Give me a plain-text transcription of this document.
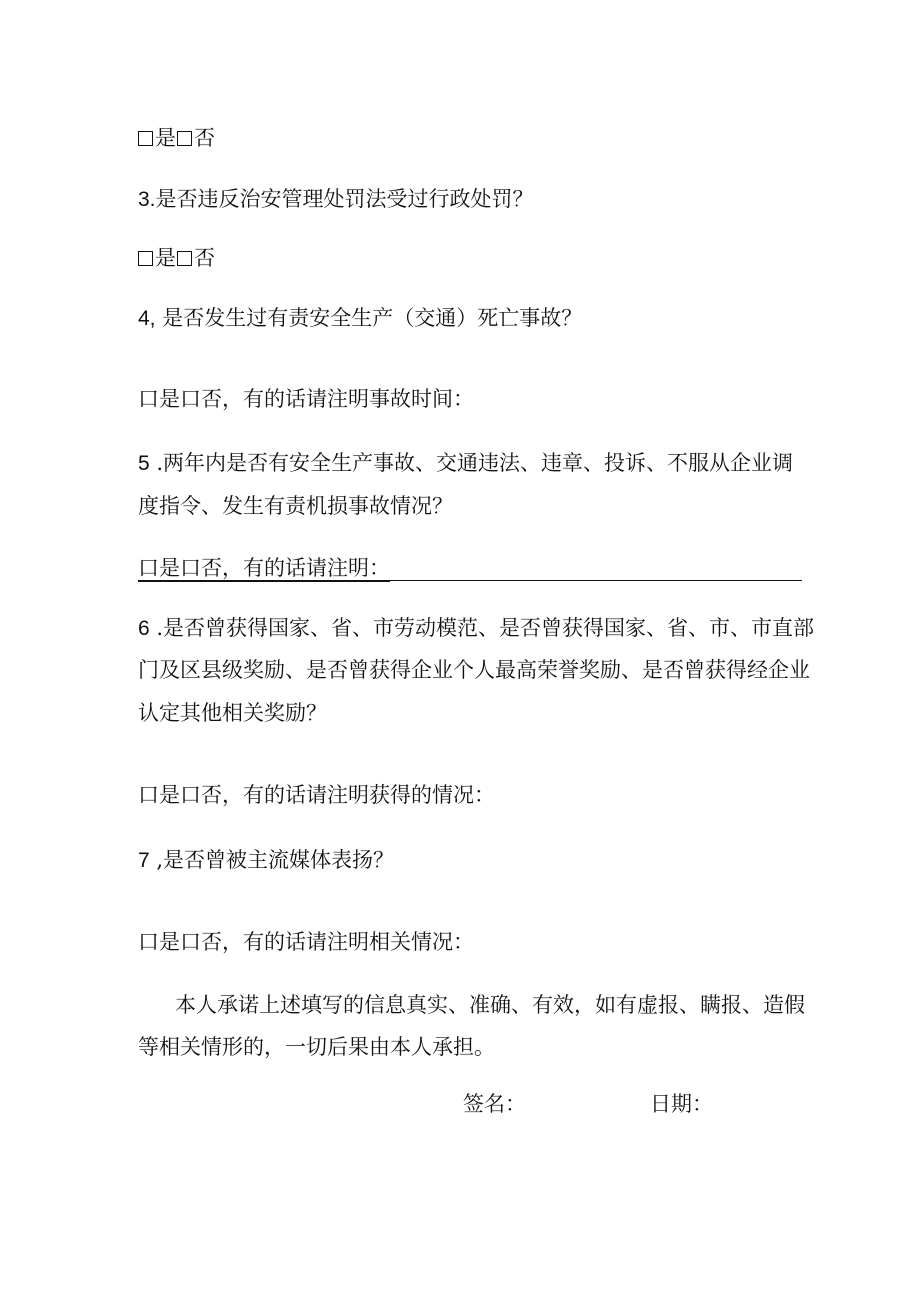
是 否
3.是否违反治安管理处罚法受过行政处罚？
是 否
4, 是否发生过有责安全生产（交通）死亡事故？
口是口否，有的话请注明事故时间：
5 .两年内是否有安全生产事故、交通违法、违章、投诉、不服从企业调
度指令、发生有责机损事故情况？
口是口否，有的话请注明：
6 .是否曾获得国家、省、市劳动模范、是否曾获得国家、省、市、市直部
门及区县级奖励、是否曾获得企业个人最高荣誉奖励、是否曾获得经企业
认定其他相关奖励？
口是口否，有的话请注明获得的情况：
7 ,是否曾被主流媒体表扬？
口是口否，有的话请注明相关情况：
本人承诺上述填写的信息真实、准确、有效，如有虚报、瞒报、造假
等相关情形的，一切后果由本人承担。
签名：	日期：
